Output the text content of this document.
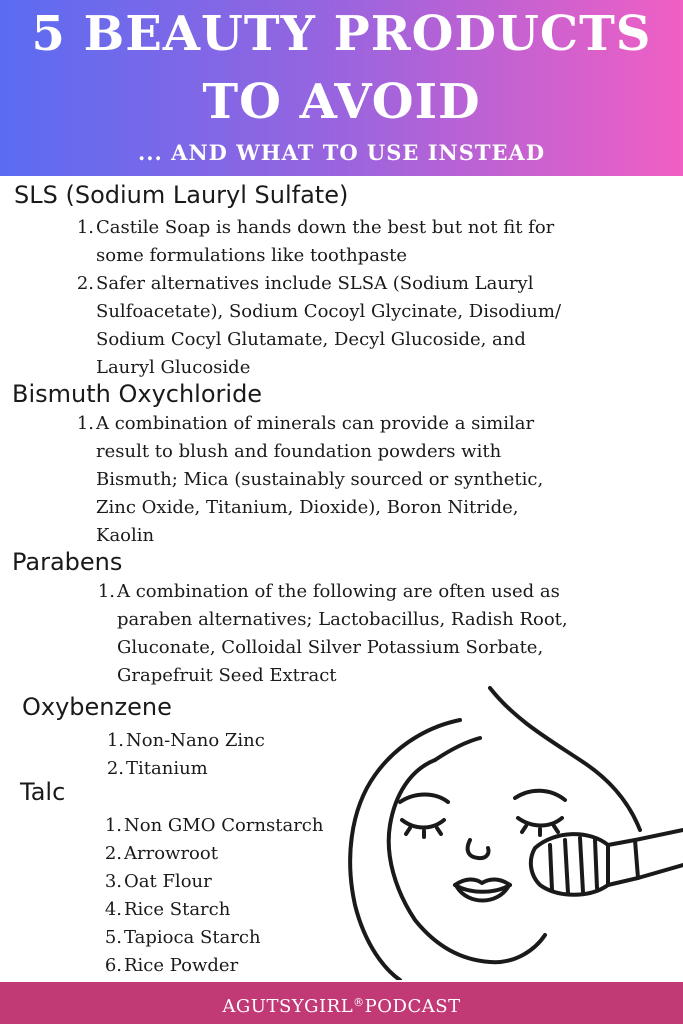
5 BEAUTY PRODUCTS
TO AVOID
... AND WHAT TO USE INSTEAD
SLS (Sodium Lauryl Sulfate)
1. Castile Soap is hands down the best but not fit for
some formulations like toothpaste
2. Safer alternatives include SLSA (Sodium Lauryl
Sulfoacetate), Sodium Cocoyl Glycinate, Disodium/
Sodium Cocyl Glutamate, Decyl Glucoside, and
Lauryl Glucoside
Bismuth Oxychloride
1. A combination of minerals can provide a similar
result to blush and foundation powders with
Bismuth; Mica (sustainably sourced or synthetic,
Zinc Oxide, Titanium, Dioxide), Boron Nitride,
Kaolin
Parabens
1. A combination of the following are often used as
paraben alternatives; Lactobacillus, Radish Root,
Gluconate, Colloidal Silver Potassium Sorbate,
Grapefruit Seed Extract
Oxybenzene
1. Non-Nano Zinc
2. Titanium
Talc
1. Non GMO Cornstarch
2. Arrowroot
3. Oat Flour
4. Rice Starch
5. Tapioca Starch
6. Rice Powder
AGUTSYGIRL®PODCAST
